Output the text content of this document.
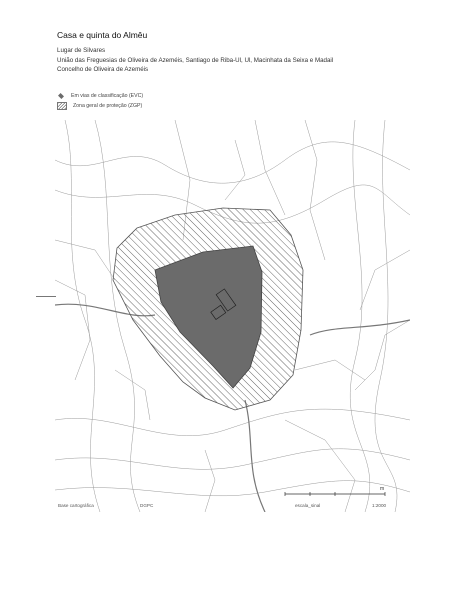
Casa e quinta do Almêu
Lugar de Silvares
União das Freguesias de Oliveira de Azeméis, Santiago de Riba-Ul, Ul, Macinhata da Seixa e Madail
Concelho de Oliveira de Azeméis
Em vias de classificação (EVC)
Zona geral de proteção (ZGP)
m
Base cartográfica	DGPC	escala_sinal	1:2000
